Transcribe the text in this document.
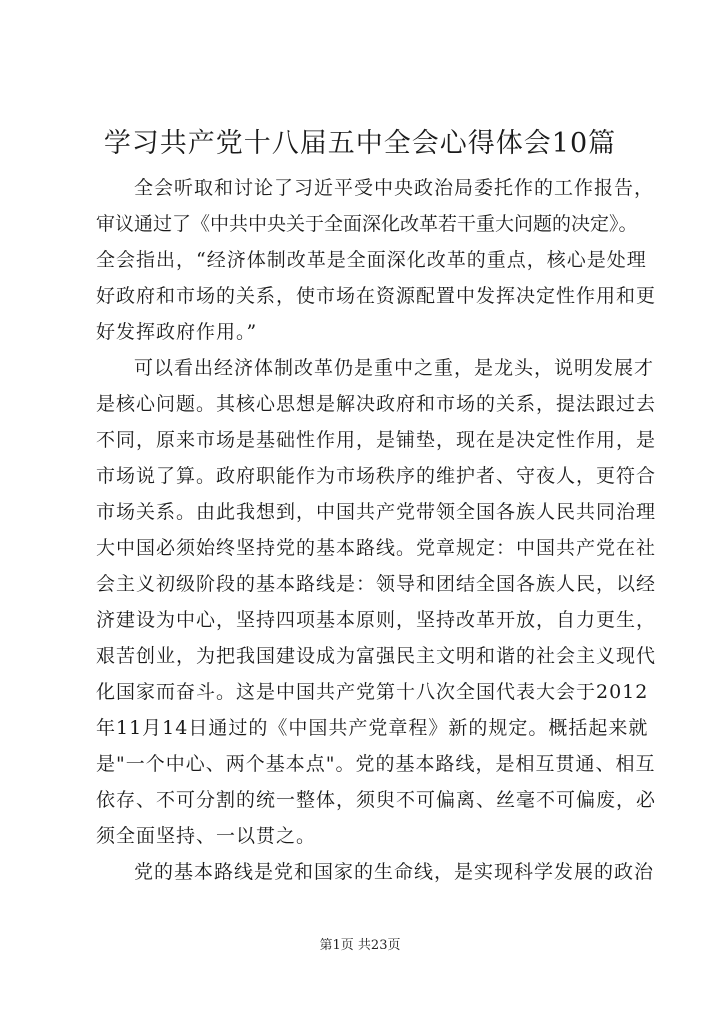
学习共产党十八届五中全会心得体会10篇

全会听取和讨论了习近平受中央政治局委托作的工作报告，
审议通过了《中共中央关于全面深化改革若干重大问题的决定》。
全会指出，“经济体制改革是全面深化改革的重点，核心是处理
好政府和市场的关系，使市场在资源配置中发挥决定性作用和更
好发挥政府作用。”

可以看出经济体制改革仍是重中之重，是龙头，说明发展才
是核心问题。其核心思想是解决政府和市场的关系，提法跟过去
不同，原来市场是基础性作用，是铺垫，现在是决定性作用，是
市场说了算。政府职能作为市场秩序的维护者、守夜人，更符合
市场关系。由此我想到，中国共产党带领全国各族人民共同治理
大中国必须始终坚持党的基本路线。党章规定：中国共产党在社
会主义初级阶段的基本路线是：领导和团结全国各族人民，以经
济建设为中心，坚持四项基本原则，坚持改革开放，自力更生，
艰苦创业，为把我国建设成为富强民主文明和谐的社会主义现代
化国家而奋斗。这是中国共产党第十八次全国代表大会于2012
年11月14日通过的《中国共产党章程》新的规定。概括起来就
是"一个中心、两个基本点"。党的基本路线，是相互贯通、相互
依存、不可分割的统一整体，须臾不可偏离、丝毫不可偏废，必
须全面坚持、一以贯之。

党的基本路线是党和国家的生命线，是实现科学发展的政治

第1页 共23页
